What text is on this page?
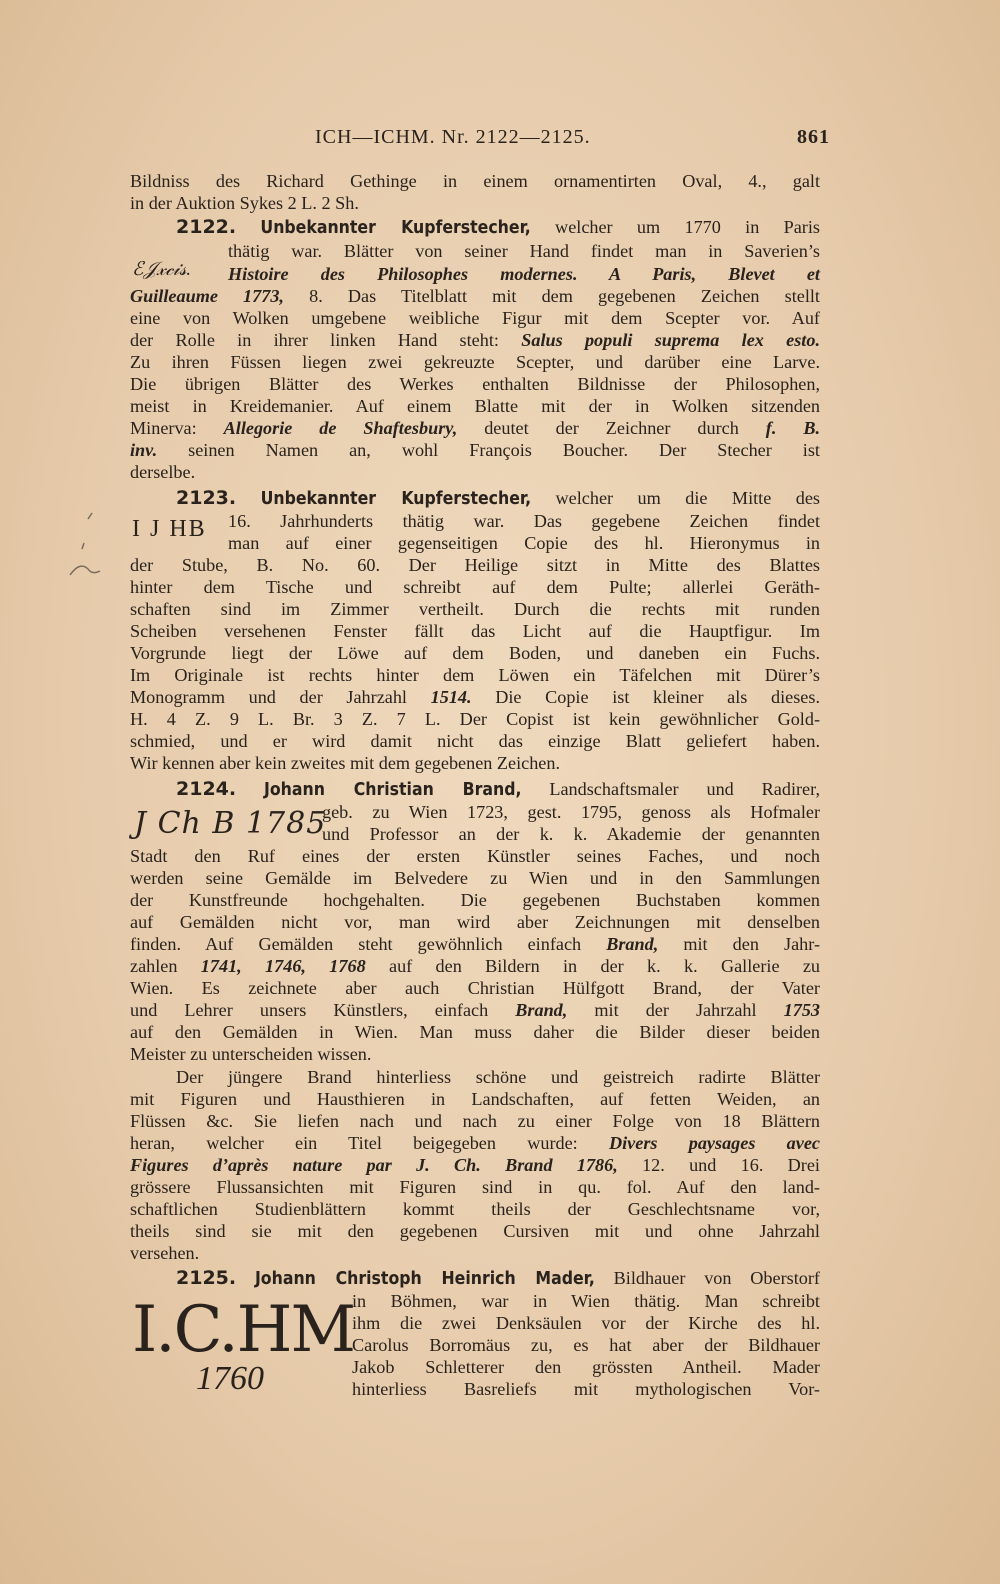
ICH—ICHM. Nr. 2122—2125.	861
Bildniss des Richard Gethinge in einem ornamentirten Oval, 4., galt
in der Auktion Sykes 2 L. 2 Sh.
2122. Unbekannter Kupferstecher, welcher um 1770 in Paris
thätig war. Blätter von seiner Hand findet man in Saverien’s
ℰ𝒥𝓍𝒸𝒾𝓈. Histoire des Philosophes modernes. A Paris, Blevet et
Guilleaume 1773, 8. Das Titelblatt mit dem gegebenen Zeichen stellt
eine von Wolken umgebene weibliche Figur mit dem Scepter vor. Auf
der Rolle in ihrer linken Hand steht: Salus populi suprema lex esto.
Zu ihren Füssen liegen zwei gekreuzte Scepter, und darüber eine Larve.
Die übrigen Blätter des Werkes enthalten Bildnisse der Philosophen,
meist in Kreidemanier. Auf einem Blatte mit der in Wolken sitzenden
Minerva: Allegorie de Shaftesbury, deutet der Zeichner durch f. B.
inv. seinen Namen an, wohl François Boucher. Der Stecher ist
derselbe.
2123. Unbekannter Kupferstecher, welcher um die Mitte des
I J HB 16. Jahrhunderts thätig war. Das gegebene Zeichen findet
man auf einer gegenseitigen Copie des hl. Hieronymus in
der Stube, B. No. 60. Der Heilige sitzt in Mitte des Blattes
hinter dem Tische und schreibt auf dem Pulte; allerlei Geräth-
schaften sind im Zimmer vertheilt. Durch die rechts mit runden
Scheiben versehenen Fenster fällt das Licht auf die Hauptfigur. Im
Vorgrunde liegt der Löwe auf dem Boden, und daneben ein Fuchs.
Im Originale ist rechts hinter dem Löwen ein Täfelchen mit Dürer’s
Monogramm und der Jahrzahl 1514. Die Copie ist kleiner als dieses.
H. 4 Z. 9 L. Br. 3 Z. 7 L. Der Copist ist kein gewöhnlicher Gold-
schmied, und er wird damit nicht das einzige Blatt geliefert haben.
Wir kennen aber kein zweites mit dem gegebenen Zeichen.
2124. Johann Christian Brand, Landschaftsmaler und Radirer,
J Ch B 1785
geb. zu Wien 1723, gest. 1795, genoss als Hofmaler
und Professor an der k. k. Akademie der genannten
Stadt den Ruf eines der ersten Künstler seines Faches, und noch
werden seine Gemälde im Belvedere zu Wien und in den Sammlungen
der Kunstfreunde hochgehalten. Die gegebenen Buchstaben kommen
auf Gemälden nicht vor, man wird aber Zeichnungen mit denselben
finden. Auf Gemälden steht gewöhnlich einfach Brand, mit den Jahr-
zahlen 1741, 1746, 1768 auf den Bildern in der k. k. Gallerie zu
Wien. Es zeichnete aber auch Christian Hülfgott Brand, der Vater
und Lehrer unsers Künstlers, einfach Brand, mit der Jahrzahl 1753
auf den Gemälden in Wien. Man muss daher die Bilder dieser beiden
Meister zu unterscheiden wissen.
Der jüngere Brand hinterliess schöne und geistreich radirte Blätter
mit Figuren und Hausthieren in Landschaften, auf fetten Weiden, an
Flüssen &c. Sie liefen nach und nach zu einer Folge von 18 Blättern
heran, welcher ein Titel beigegeben wurde: Divers paysages avec
Figures d’après nature par J. Ch. Brand 1786, 12. und 16. Drei
grössere Flussansichten mit Figuren sind in qu. fol. Auf den land-
schaftlichen Studienblättern kommt theils der Geschlechtsname vor,
theils sind sie mit den gegebenen Cursiven mit und ohne Jahrzahl
versehen.
2125. Johann Christoph Heinrich Mader, Bildhauer von Oberstorf
I.C.HM
1760
in Böhmen, war in Wien thätig. Man schreibt
ihm die zwei Denksäulen vor der Kirche des hl.
Carolus Borromäus zu, es hat aber der Bildhauer
Jakob Schletterer den grössten Antheil. Mader
hinterliess Basreliefs mit mythologischen Vor-
